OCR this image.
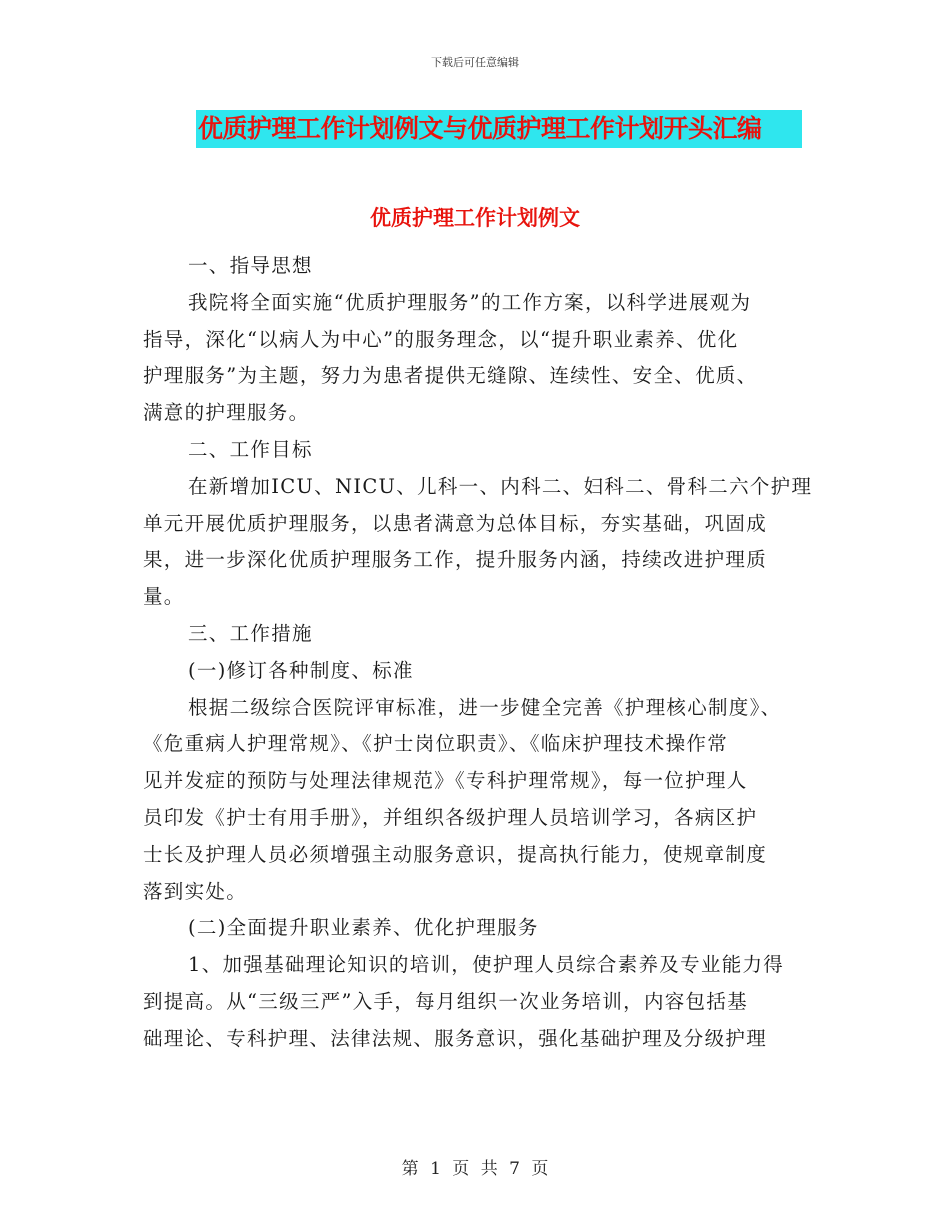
下载后可任意编辑
优质护理工作计划例文与优质护理工作计划开头汇编
优质护理工作计划例文
一、指导思想
我院将全面实施“优质护理服务”的工作方案，以科学进展观为
指导，深化“以病人为中心”的服务理念，以“提升职业素养、优化
护理服务”为主题，努力为患者提供无缝隙、连续性、安全、优质、
满意的护理服务。
二、工作目标
在新增加ICU、NICU、儿科一、内科二、妇科二、骨科二六个护理
单元开展优质护理服务，以患者满意为总体目标，夯实基础，巩固成
果，进一步深化优质护理服务工作，提升服务内涵，持续改进护理质
量。
三、工作措施
(一)修订各种制度、标准
根据二级综合医院评审标准，进一步健全完善《护理核心制度》、
《危重病人护理常规》、《护士岗位职责》、《临床护理技术操作常
见并发症的预防与处理法律规范》《专科护理常规》，每一位护理人
员印发《护士有用手册》，并组织各级护理人员培训学习，各病区护
士长及护理人员必须增强主动服务意识，提高执行能力，使规章制度
落到实处。
(二)全面提升职业素养、优化护理服务
1、加强基础理论知识的培训，使护理人员综合素养及专业能力得
到提高。从“三级三严”入手，每月组织一次业务培训，内容包括基
础理论、专科护理、法律法规、服务意识，强化基础护理及分级护理
第 1 页 共 7 页
